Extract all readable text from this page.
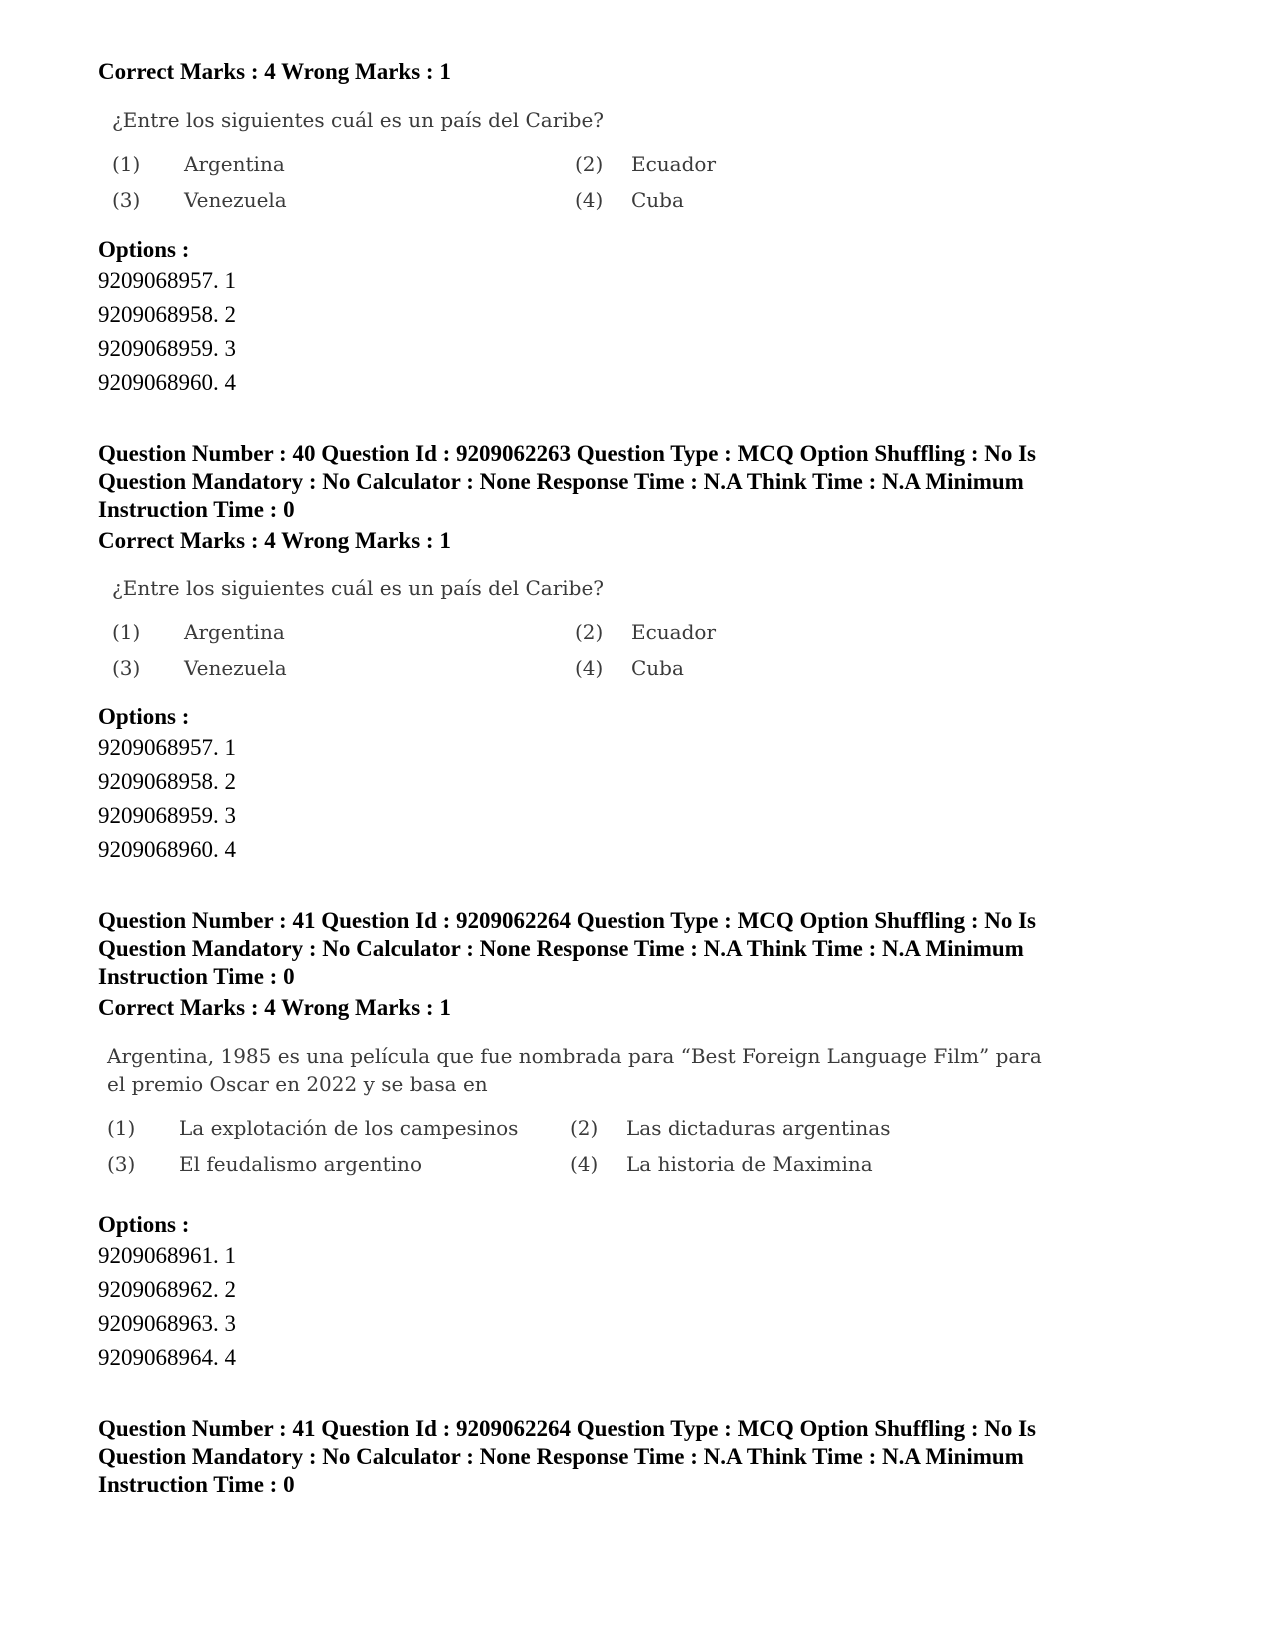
Correct Marks : 4 Wrong Marks : 1
¿Entre los siguientes cuál es un país del Caribe?
(1) Argentina	(2) Ecuador
(3) Venezuela	(4) Cuba
Options :
9209068957. 1
9209068958. 2
9209068959. 3
9209068960. 4
Question Number : 40 Question Id : 9209062263 Question Type : MCQ Option Shuffling : No Is
Question Mandatory : No Calculator : None Response Time : N.A Think Time : N.A Minimum
Instruction Time : 0
Correct Marks : 4 Wrong Marks : 1
¿Entre los siguientes cuál es un país del Caribe?
(1) Argentina	(2) Ecuador
(3) Venezuela	(4) Cuba
Options :
9209068957. 1
9209068958. 2
9209068959. 3
9209068960. 4
Question Number : 41 Question Id : 9209062264 Question Type : MCQ Option Shuffling : No Is
Question Mandatory : No Calculator : None Response Time : N.A Think Time : N.A Minimum
Instruction Time : 0
Correct Marks : 4 Wrong Marks : 1
Argentina, 1985 es una película que fue nombrada para “Best Foreign Language Film” para
el premio Oscar en 2022 y se basa en
(1) La explotación de los campesinos	(2) Las dictaduras argentinas
(3) El feudalismo argentino	(4) La historia de Maximina
Options :
9209068961. 1
9209068962. 2
9209068963. 3
9209068964. 4
Question Number : 41 Question Id : 9209062264 Question Type : MCQ Option Shuffling : No Is
Question Mandatory : No Calculator : None Response Time : N.A Think Time : N.A Minimum
Instruction Time : 0
